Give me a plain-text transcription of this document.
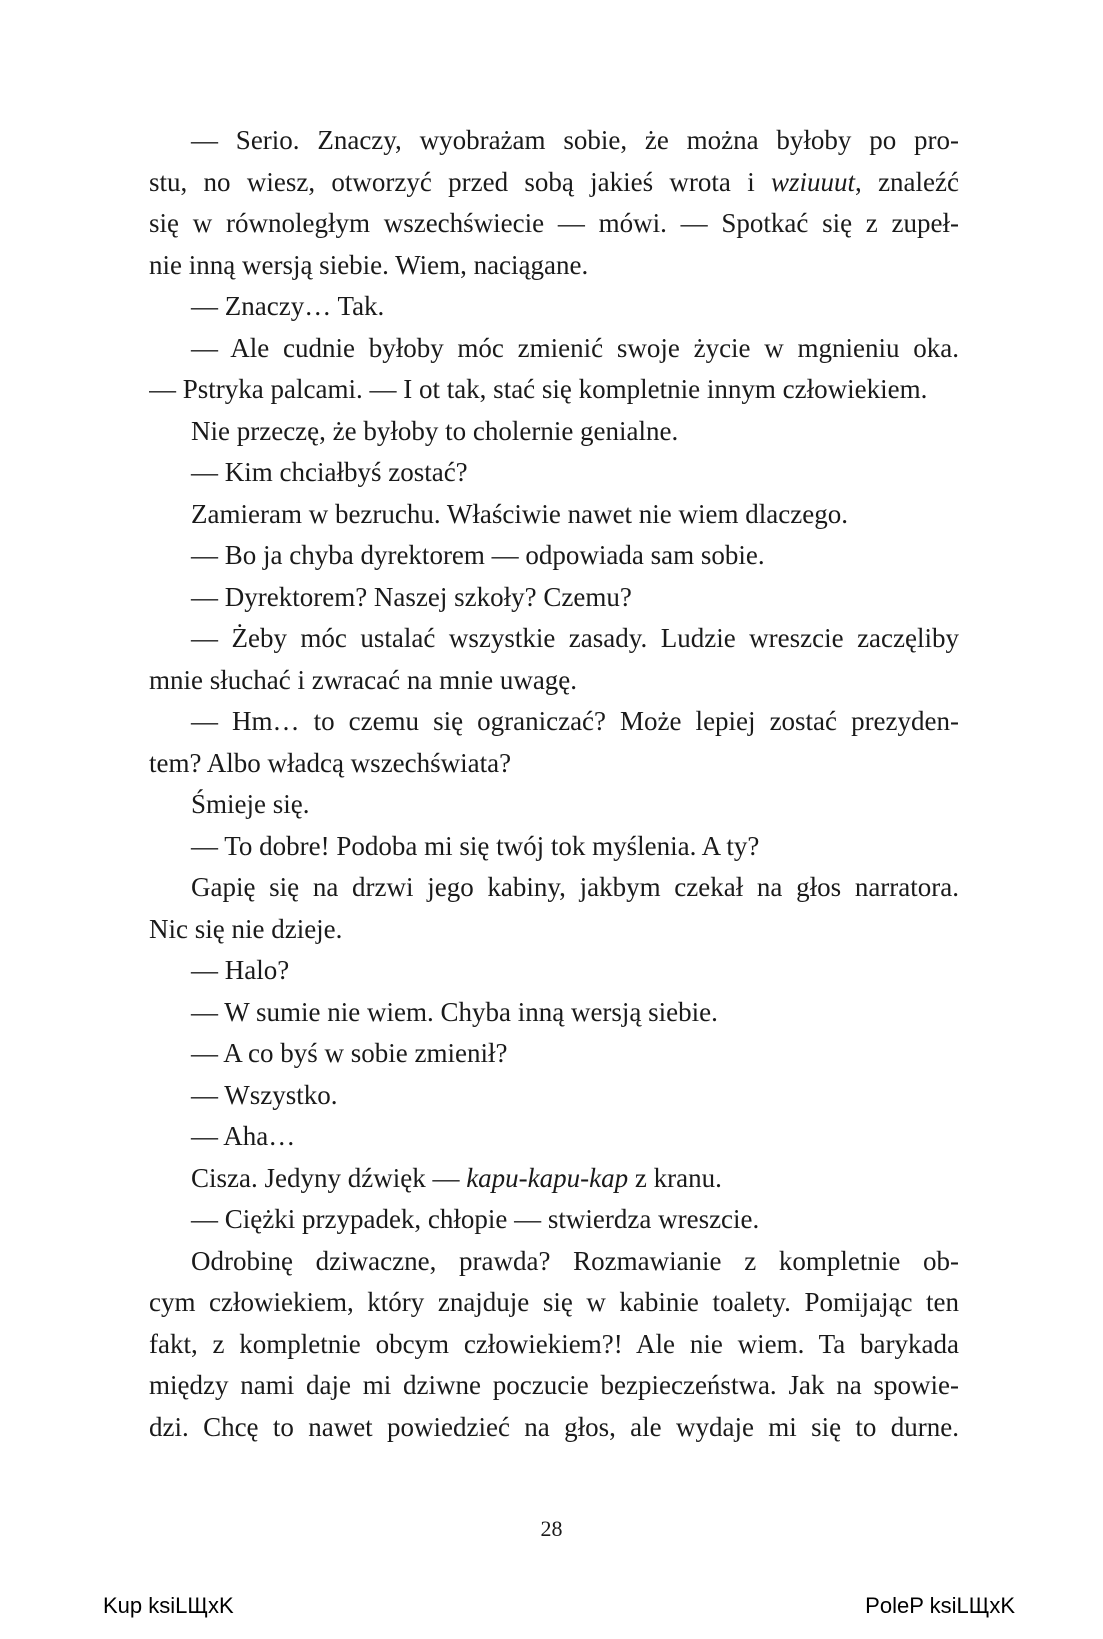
— Serio. Znaczy, wyobrażam sobie, że można byłoby po pro-
stu, no wiesz, otworzyć przed sobą jakieś wrota i wziuuut, znaleźć
się w równoległym wszechświecie — mówi. — Spotkać się z zupeł-
nie inną wersją siebie. Wiem, naciągane.
— Znaczy… Tak.
— Ale cudnie byłoby móc zmienić swoje życie w mgnieniu oka.
— Pstryka palcami. — I ot tak, stać się kompletnie innym człowiekiem.
Nie przeczę, że byłoby to cholernie genialne.
— Kim chciałbyś zostać?
Zamieram w bezruchu. Właściwie nawet nie wiem dlaczego.
— Bo ja chyba dyrektorem — odpowiada sam sobie.
— Dyrektorem? Naszej szkoły? Czemu?
— Żeby móc ustalać wszystkie zasady. Ludzie wreszcie zaczęliby
mnie słuchać i zwracać na mnie uwagę.
— Hm… to czemu się ograniczać? Może lepiej zostać prezyden-
tem? Albo władcą wszechświata?
Śmieje się.
— To dobre! Podoba mi się twój tok myślenia. A ty?
Gapię się na drzwi jego kabiny, jakbym czekał na głos narratora.
Nic się nie dzieje.
— Halo?
— W sumie nie wiem. Chyba inną wersją siebie.
— A co byś w sobie zmienił?
— Wszystko.
— Aha…
Cisza. Jedyny dźwięk — kapu-kapu-kap z kranu.
— Ciężki przypadek, chłopie — stwierdza wreszcie.
Odrobinę dziwaczne, prawda? Rozmawianie z kompletnie ob-
cym człowiekiem, który znajduje się w kabinie toalety. Pomijając ten
fakt, z kompletnie obcym człowiekiem?! Ale nie wiem. Ta barykada
między nami daje mi dziwne poczucie bezpieczeństwa. Jak na spowie-
dzi. Chcę to nawet powiedzieć na głos, ale wydaje mi się to durne.
28
Kup ksiLЩxK	PoleP ksiLЩxK
